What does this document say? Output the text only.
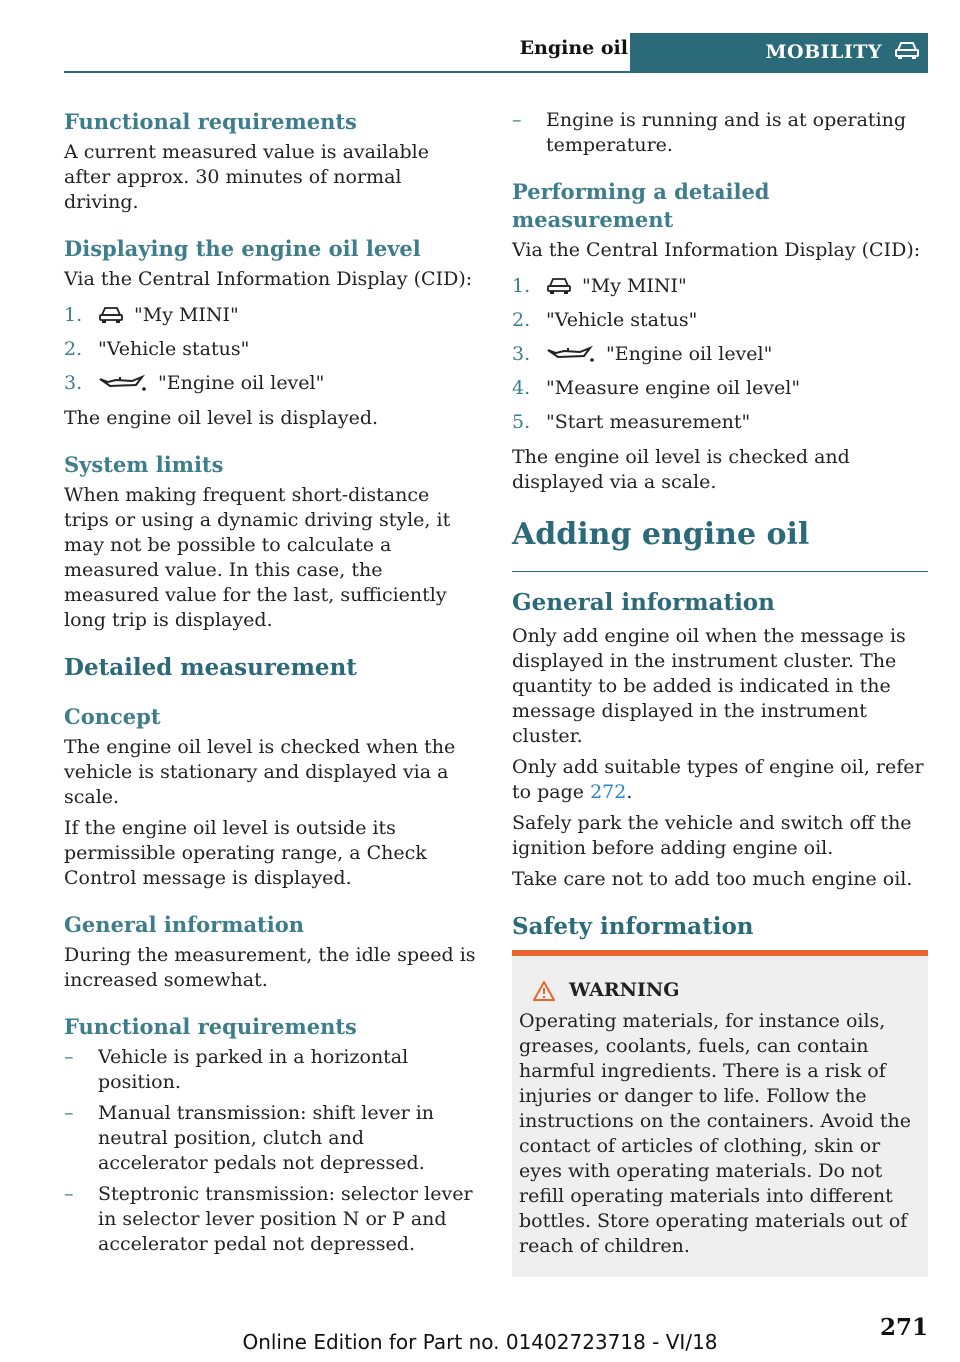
Engine oil	MOBILITY
Functional requirements

A current measured value is available after approx. 30 minutes of normal driving.

Displaying the engine oil level

Via the Central Information Display (CID):

1.	"My MINI"
2. "Vehicle status"
3.	"Engine oil level"

The engine oil level is displayed.

System limits

When making frequent short-distance trips or using a dynamic driving style, it may not be possible to calculate a measured value. In this case, the measured value for the last, sufficiently long trip is displayed.

Detailed measurement
Concept

The engine oil level is checked when the vehicle is stationary and displayed via a scale.

If the engine oil level is outside its permissible operating range, a Check Control message is displayed.

General information

During the measurement, the idle speed is increased somewhat.

Functional requirements
–	Vehicle is parked in a horizontal position.
–	Manual transmission: shift lever in neutral position, clutch and accelerator pedals not depressed.
–	Steptronic transmission: selector lever in selector lever position N or P and accelerator pedal not depressed.
–	Engine is running and is at operating temperature.
Performing a detailed measurement

Via the Central Information Display (CID):

1.	"My MINI"
2. "Vehicle status"
3.	"Engine oil level"
4. "Measure engine oil level"
5. "Start measurement"

The engine oil level is checked and displayed via a scale.

Adding engine oil
General information

Only add engine oil when the message is displayed in the instrument cluster. The quantity to be added is indicated in the message displayed in the instrument cluster.

Only add suitable types of engine oil, refer to page 272.

Safely park the vehicle and switch off the ignition before adding engine oil.

Take care not to add too much engine oil.

Safety information
WARNING
Operating materials, for instance oils, greases, coolants, fuels, can contain harmful ingredients. There is a risk of injuries or danger to life. Follow the instructions on the containers. Avoid the contact of articles of clothing, skin or eyes with operating materials. Do not refill operating materials into different bottles. Store operating materials out of reach of children.
271
Online Edition for Part no. 01402723718 - VI/18
